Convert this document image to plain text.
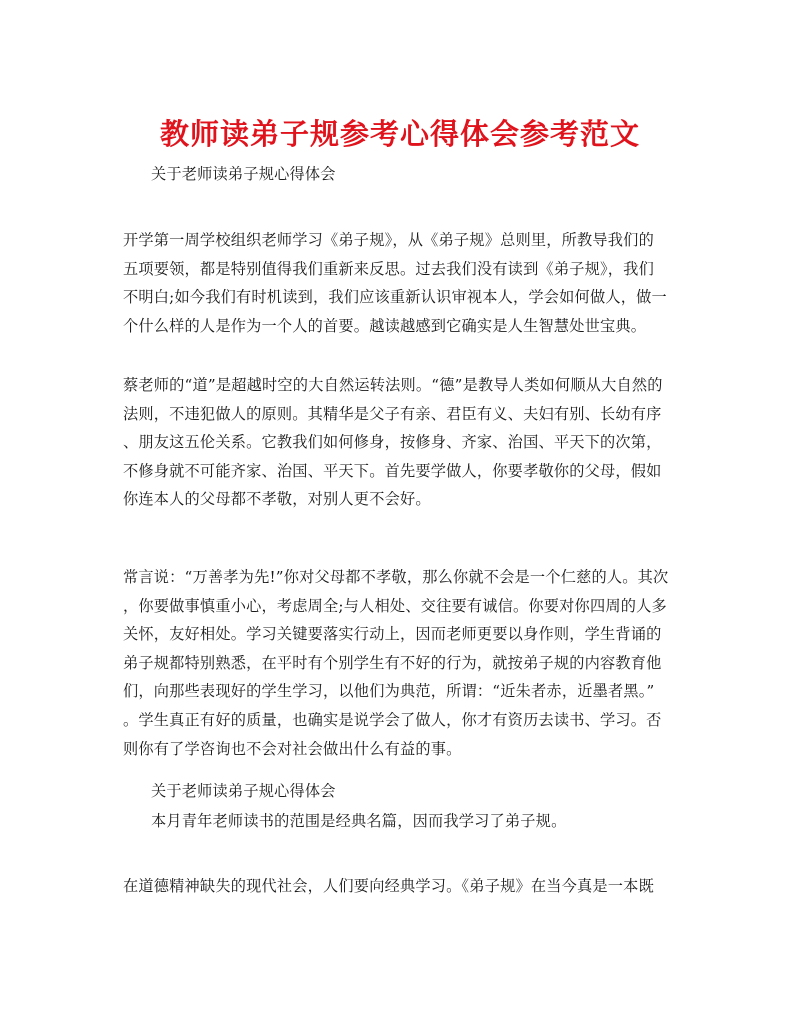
教师读弟子规参考心得体会参考范文
关于老师读弟子规心得体会
开学第一周学校组织老师学习《弟子规》，从《弟子规》总则里，所教导我们的
五项要领，都是特别值得我们重新来反思。过去我们没有读到《弟子规》，我们
不明白;如今我们有时机读到，我们应该重新认识审视本人，学会如何做人，做一
个什么样的人是作为一个人的首要。越读越感到它确实是人生智慧处世宝典。
蔡老师的“道”是超越时空的大自然运转法则。“德”是教导人类如何顺从大自然的
法则，不违犯做人的原则。其精华是父子有亲、君臣有义、夫妇有别、长幼有序
、朋友这五伦关系。它教我们如何修身，按修身、齐家、治国、平天下的次第，
不修身就不可能齐家、治国、平天下。首先要学做人，你要孝敬你的父母，假如
你连本人的父母都不孝敬，对别人更不会好。
常言说：“万善孝为先!”你对父母都不孝敬，那么你就不会是一个仁慈的人。其次
，你要做事慎重小心，考虑周全;与人相处、交往要有诚信。你要对你四周的人多
关怀，友好相处。学习关键要落实行动上，因而老师更要以身作则，学生背诵的
弟子规都特别熟悉，在平时有个别学生有不好的行为，就按弟子规的内容教育他
们，向那些表现好的学生学习，以他们为典范，所谓：“近朱者赤，近墨者黑。”
。学生真正有好的质量，也确实是说学会了做人，你才有资历去读书、学习。否
则你有了学咨询也不会对社会做出什么有益的事。
关于老师读弟子规心得体会
本月青年老师读书的范围是经典名篇，因而我学习了弟子规。
在道德精神缺失的现代社会，人们要向经典学习。《弟子规》在当今真是一本既
